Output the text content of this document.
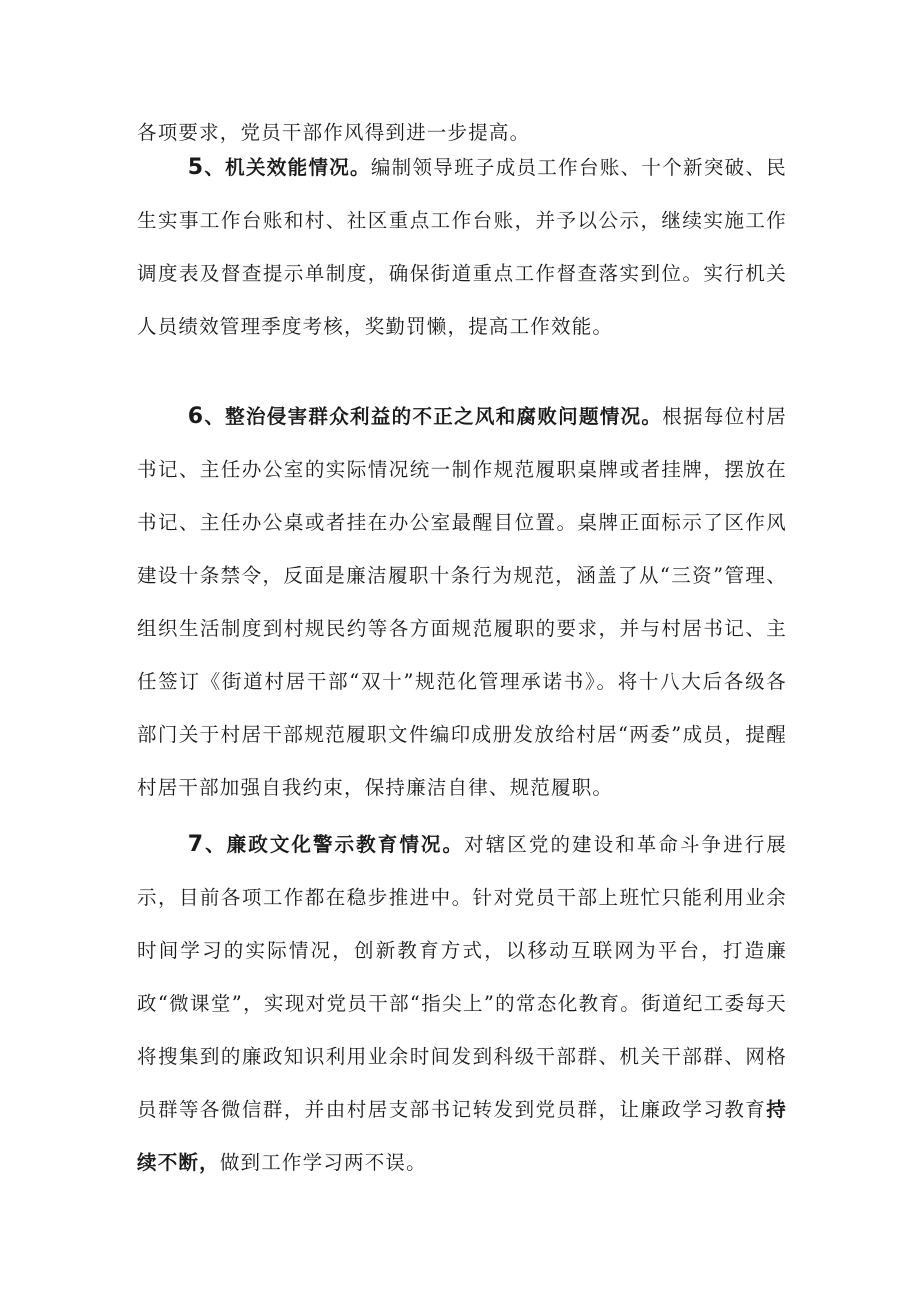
各项要求，党员干部作风得到进一步提高。

5、机关效能情况。编制领导班子成员工作台账、十个新突破、民生实事工作台账和村、社区重点工作台账，并予以公示，继续实施工作调度表及督查提示单制度，确保街道重点工作督查落实到位。实行机关人员绩效管理季度考核，奖勤罚懒，提高工作效能。

6、整治侵害群众利益的不正之风和腐败问题情况。根据每位村居书记、主任办公室的实际情况统一制作规范履职桌牌或者挂牌，摆放在书记、主任办公桌或者挂在办公室最醒目位置。桌牌正面标示了区作风建设十条禁令，反面是廉洁履职十条行为规范，涵盖了从“三资”管理、组织生活制度到村规民约等各方面规范履职的要求，并与村居书记、主任签订《街道村居干部“双十”规范化管理承诺书》。将十八大后各级各部门关于村居干部规范履职文件编印成册发放给村居“两委”成员，提醒村居干部加强自我约束，保持廉洁自律、规范履职。

7、廉政文化警示教育情况。对辖区党的建设和革命斗争进行展示，目前各项工作都在稳步推进中。针对党员干部上班忙只能利用业余时间学习的实际情况，创新教育方式，以移动互联网为平台，打造廉政“微课堂”，实现对党员干部“指尖上”的常态化教育。街道纪工委每天将搜集到的廉政知识利用业余时间发到科级干部群、机关干部群、网格员群等各微信群，并由村居支部书记转发到党员群，让廉政学习教育持续不断，做到工作学习两不误。
